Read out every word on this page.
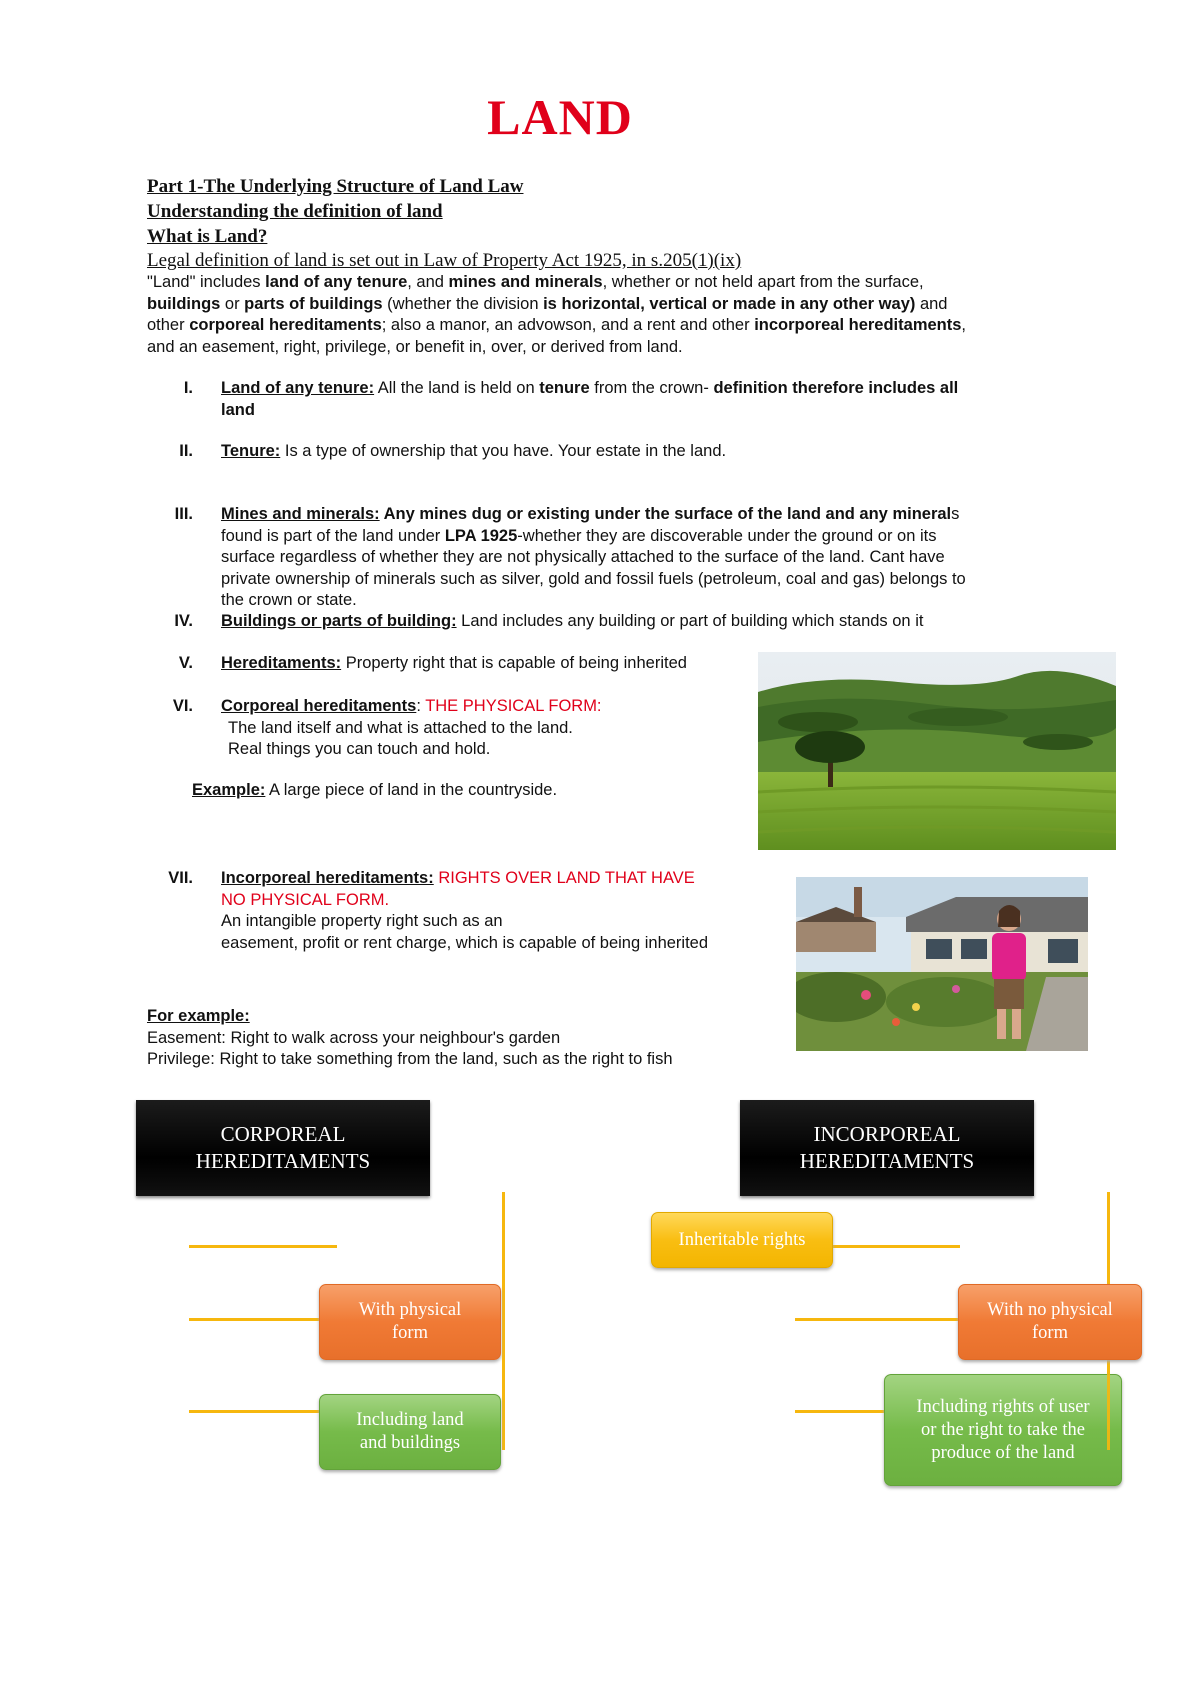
LAND
Part 1-The Underlying Structure of Land Law
Understanding the definition of land
What is Land?
Legal definition of land is set out in Law of Property Act 1925, in s.205(1)(ix)
"Land" includes land of any tenure, and mines and minerals, whether or not held apart from the surface,
buildings or parts of buildings (whether the division is horizontal, vertical or made in any other way) and
other corporeal hereditaments; also a manor, an advowson, and a rent and other incorporeal hereditaments,
and an easement, right, privilege, or benefit in, over, or derived from land.
I. Land of any tenure: All the land is held on tenure from the crown- definition therefore includes all
land
II. Tenure: Is a type of ownership that you have. Your estate in the land.
III. Mines and minerals: Any mines dug or existing under the surface of the land and any minerals
found is part of the land under LPA 1925-whether they are discoverable under the ground or on its
surface regardless of whether they are not physically attached to the surface of the land. Cant have
private ownership of minerals such as silver, gold and fossil fuels (petroleum, coal and gas) belongs to
the crown or state.
IV. Buildings or parts of building: Land includes any building or part of building which stands on it
V. Hereditaments: Property right that is capable of being inherited
VI. Corporeal hereditaments: THE PHYSICAL FORM:
The land itself and what is attached to the land.
Real things you can touch and hold.
Example: A large piece of land in the countryside.
VII. Incorporeal hereditaments: RIGHTS OVER LAND THAT HAVE
NO PHYSICAL FORM.
An intangible property right such as an
easement, profit or rent charge, which is capable of being inherited
For example:
Easement: Right to walk across your neighbour's garden
Privilege: Right to take something from the land, such as the right to fish
CORPOREAL
HEREDITAMENTS
INCORPOREAL
HEREDITAMENTS
With physical
form
Including land
and buildings
Inheritable rights
With no physical
form
Including rights of user
or the right to take the
produce of the land
